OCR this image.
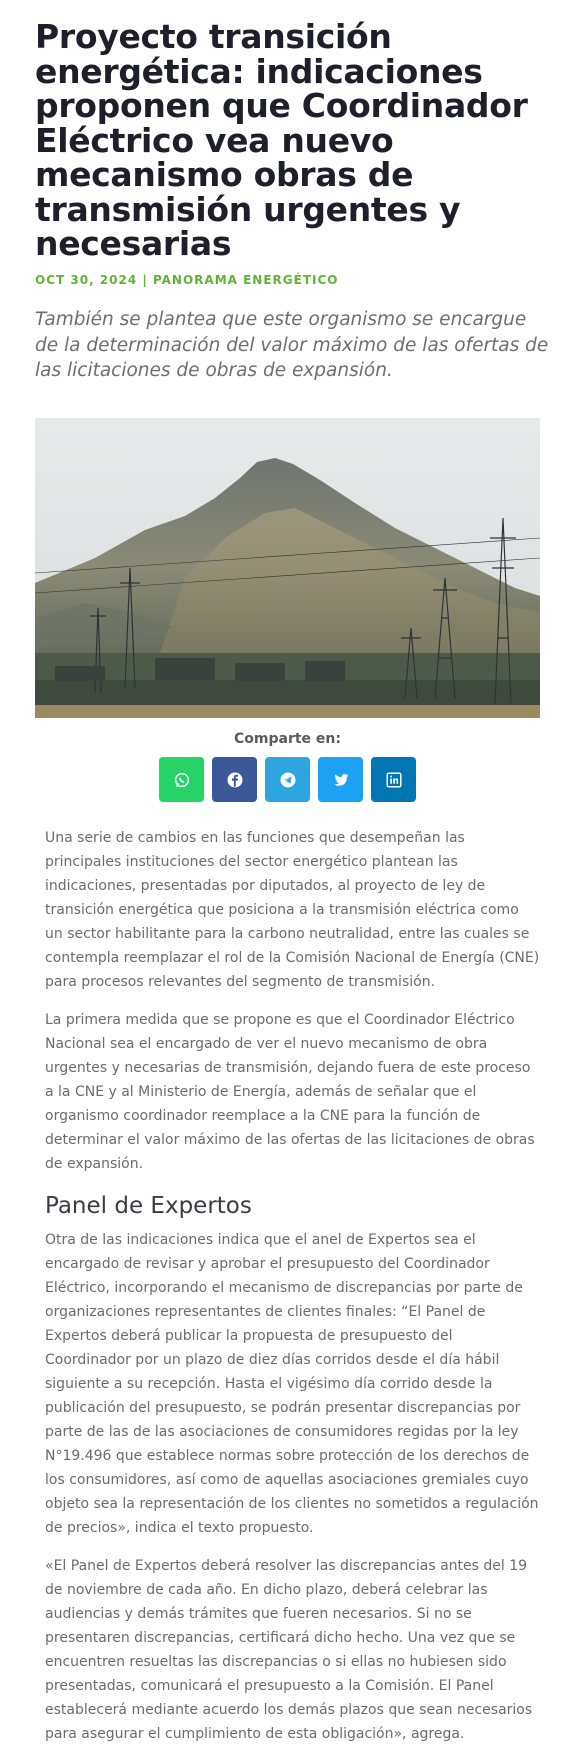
Proyecto transición energética: indicaciones proponen que Coordinador Eléctrico vea nuevo mecanismo obras de transmisión urgentes y necesarias
OCT 30, 2024 | PANORAMA ENERGÉTICO
También se plantea que este organismo se encargue de la determinación del valor máximo de las ofertas de las licitaciones de obras de expansión.
Comparte en:

Una serie de cambios en las funciones que desempeñan las principales instituciones del sector energético plantean las indicaciones, presentadas por diputados, al proyecto de ley de transición energética que posiciona a la transmisión eléctrica como un sector habilitante para la carbono neutralidad, entre las cuales se contempla reemplazar el rol de la Comisión Nacional de Energía (CNE) para procesos relevantes del segmento de transmisión.

La primera medida que se propone es que el Coordinador Eléctrico Nacional sea el encargado de ver el nuevo mecanismo de obra urgentes y necesarias de transmisión, dejando fuera de este proceso a la CNE y al Ministerio de Energía, además de señalar que el organismo coordinador reemplace a la CNE para la función de determinar el valor máximo de las ofertas de las licitaciones de obras de expansión.

Panel de Expertos

Otra de las indicaciones indica que el anel de Expertos sea el encargado de revisar y aprobar el presupuesto del Coordinador Eléctrico, incorporando el mecanismo de discrepancias por parte de organizaciones representantes de clientes finales: “El Panel de Expertos deberá publicar la propuesta de presupuesto del Coordinador por un plazo de diez días corridos desde el día hábil siguiente a su recepción. Hasta el vigésimo día corrido desde la publicación del presupuesto, se podrán presentar discrepancias por parte de las de las asociaciones de consumidores regidas por la ley N°19.496 que establece normas sobre protección de los derechos de los consumidores, así como de aquellas asociaciones gremiales cuyo objeto sea la representación de los clientes no sometidos a regulación de precios», indica el texto propuesto.

«El Panel de Expertos deberá resolver las discrepancias antes del 19 de noviembre de cada año. En dicho plazo, deberá celebrar las audiencias y demás trámites que fueren necesarios. Si no se presentaren discrepancias, certificará dicho hecho. Una vez que se encuentren resueltas las discrepancias o si ellas no hubiesen sido presentadas, comunicará el presupuesto a la Comisión. El Panel establecerá mediante acuerdo los demás plazos que sean necesarios para asegurar el cumplimiento de esta obligación», agrega.
